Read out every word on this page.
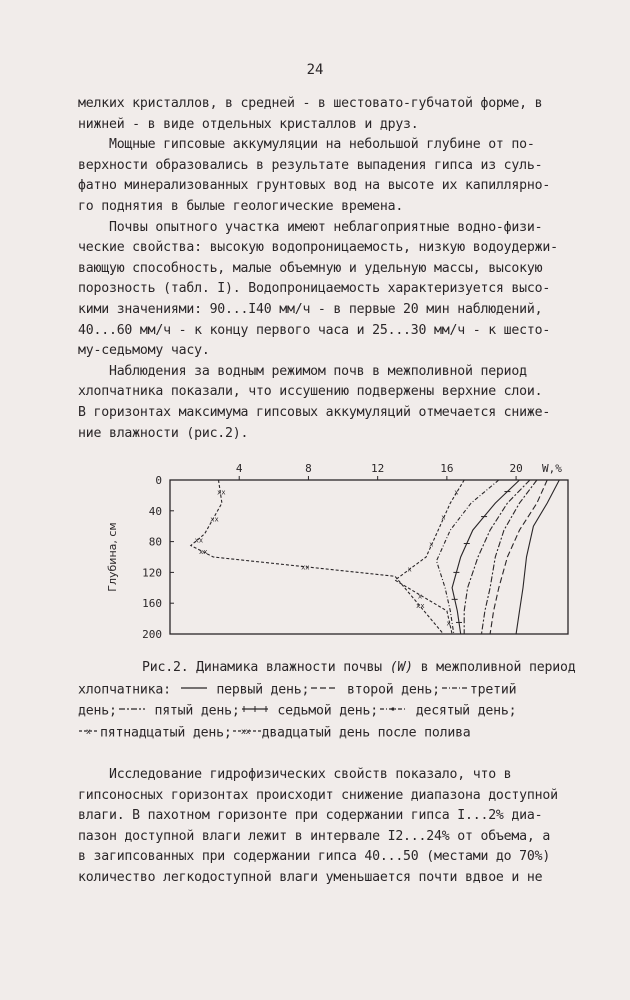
24
мелких кристаллов, в средней - в шестовато-губчатой форме, в
нижней - в виде отдельных кристаллов и друз.
Мощные гипсовые аккумуляции на небольшой глубине от по-
верхности образовались в результате выпадения гипса из суль-
фатно минерализованных грунтовых вод на высоте их капиллярно-
го поднятия в былые геологические времена.
Почвы опытного участка имеют неблагоприятные водно-физи-
ческие свойства: высокую водопроницаемость, низкую водоудержи-
вающую способность, малые объемную и удельную массы, высокую
порозность (табл. I). Водопроницаемость характеризуется высо-
кими значениями: 90...I40 мм/ч - в первые 20 мин наблюдений,
40...60 мм/ч - к концу первого часа и 25...30 мм/ч - к шесто-
му-седьмому часу.
Наблюдения за водным режимом почв в межполивной период
хлопчатника показали, что иссушению подвержены верхние слои.
В горизонтах максимума гипсовых аккумуляций отмечается сниже-
ние влажности (рис.2).
4	8	12	16	20 W,%
0
40
80
120
160
200
Глубина, см
x
x
x
x
x
x
xx
xx
xx
xx
xx
xx
Рис.2. Динамика влажности почвы (W) в межполивной период
хлопчатника:	первый день;	второй день; третий
день;	пятый день;	седьмой день;	десятый день;
x пятнадцатый день; xx двадцатый день после полива
Исследование гидрофизических свойств показало, что в
гипсоносных горизонтах происходит снижение диапазона доступной
влаги. В пахотном горизонте при содержании гипса I...2% диа-
пазон доступной влаги лежит в интервале I2...24% от объема, а
в загипсованных при содержании гипса 40...50 (местами до 70%)
количество легкодоступной влаги уменьшается почти вдвое и не
